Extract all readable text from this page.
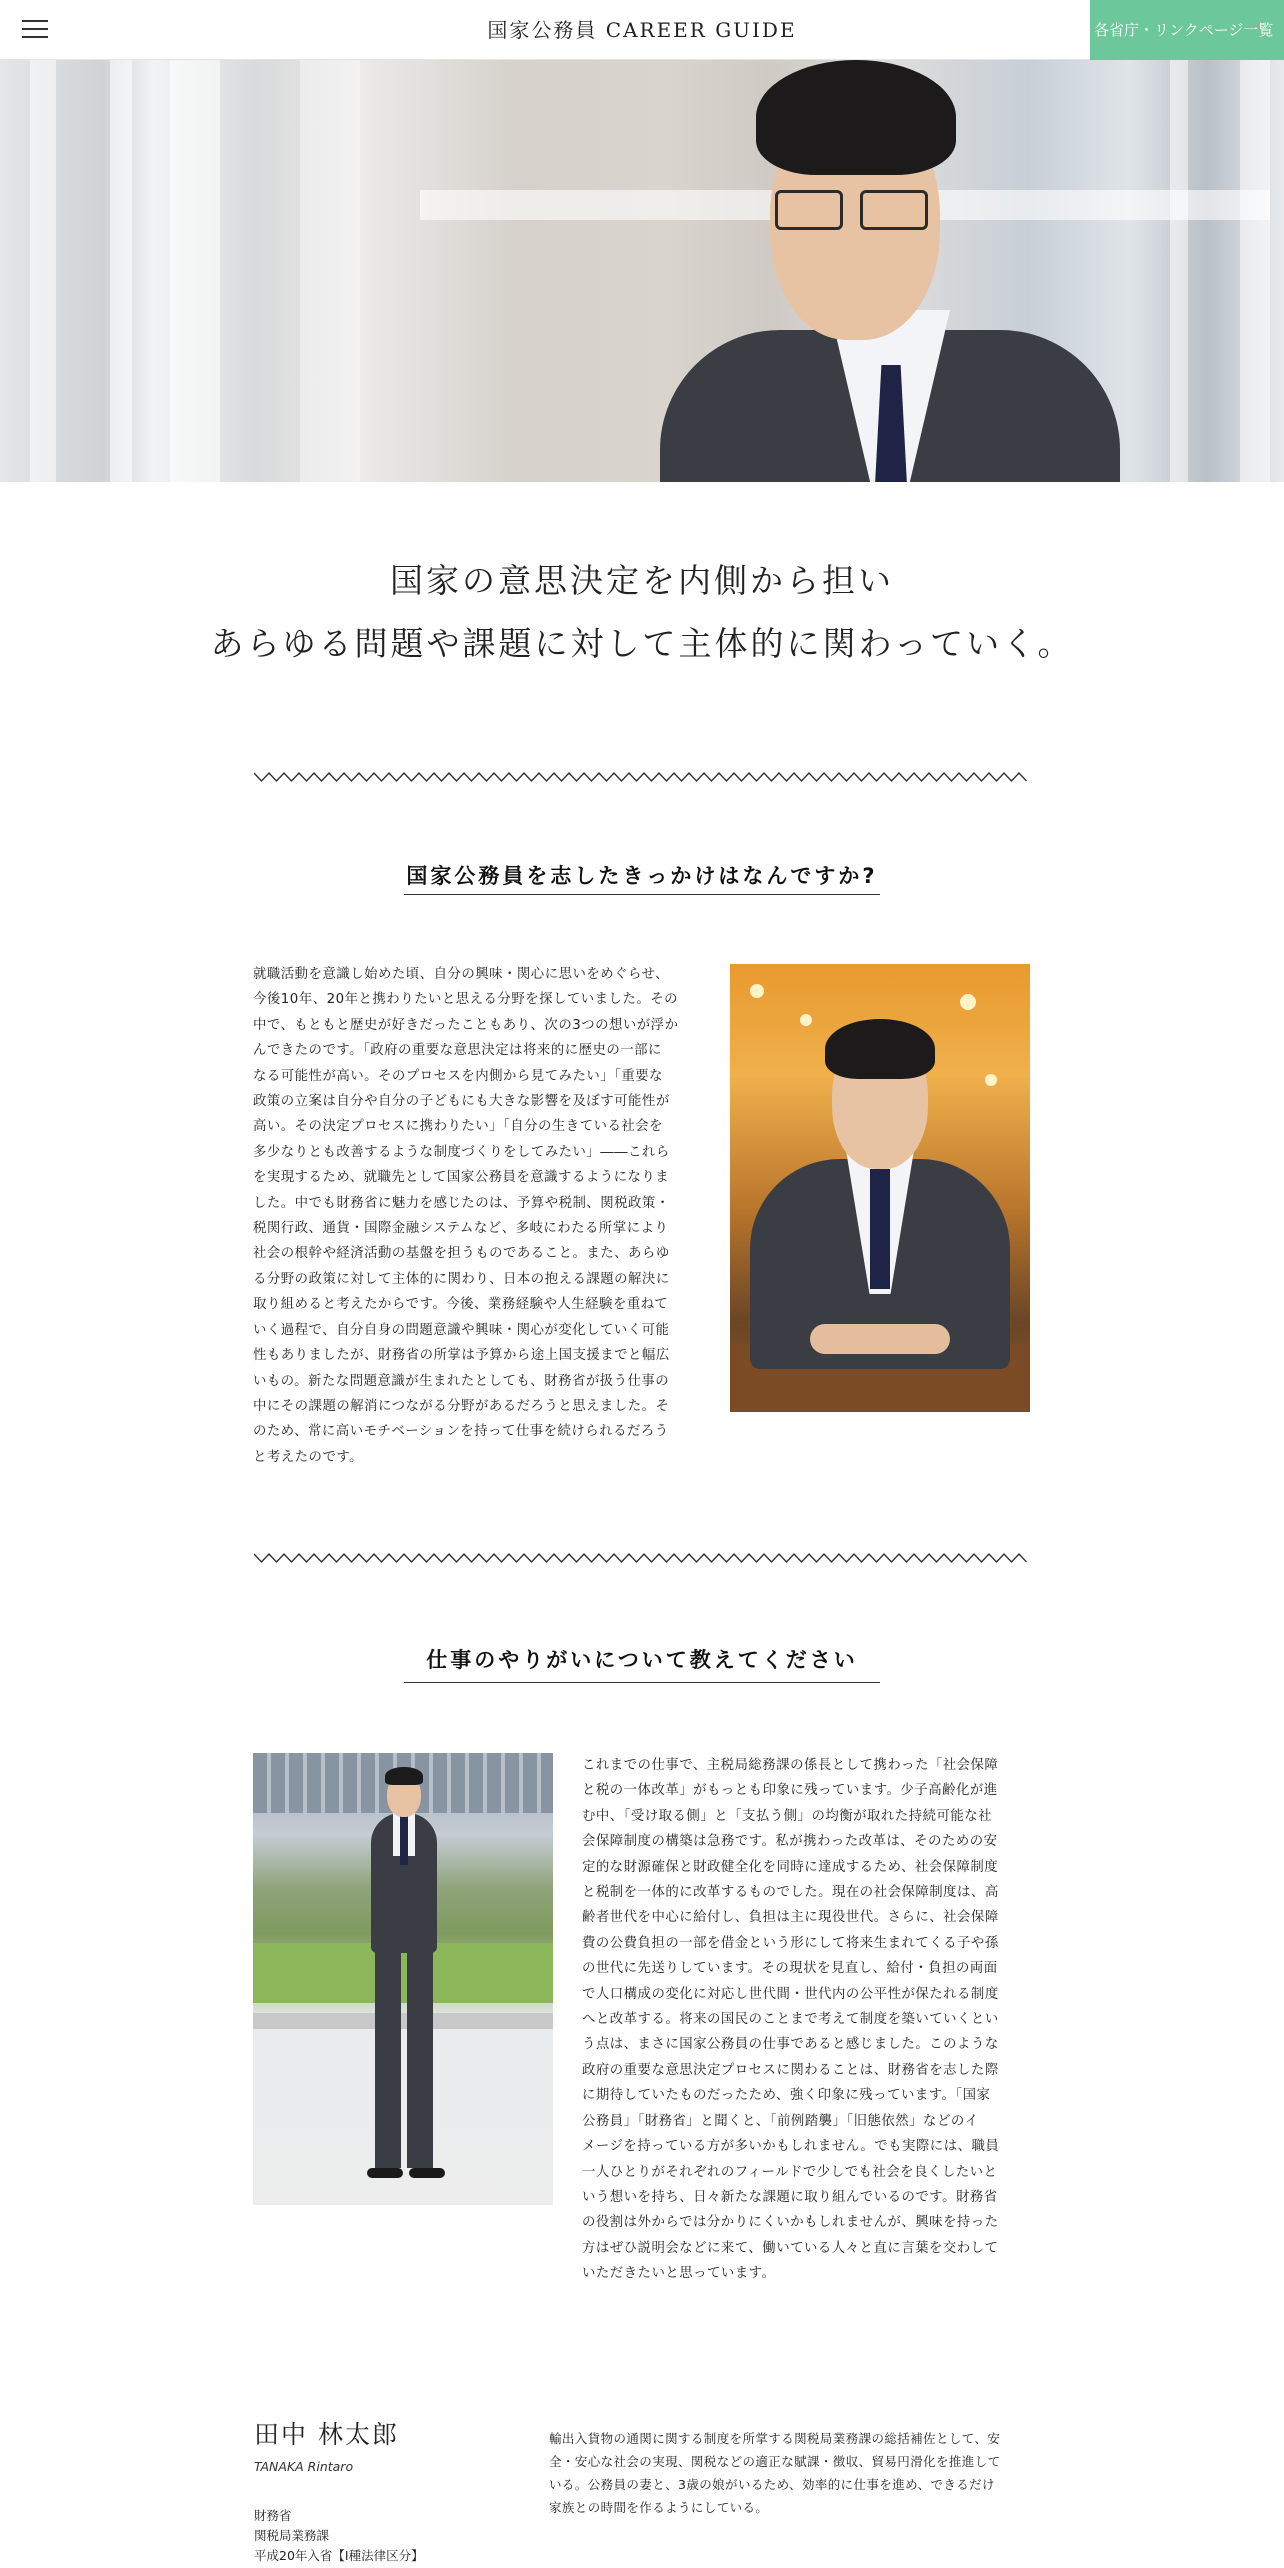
国家公務員 CAREER GUIDE	各省庁・リンクページ一覧
国家の意思決定を内側から担い
あらゆる問題や課題に対して主体的に関わっていく。
国家公務員を志したきっかけはなんですか?
就職活動を意識し始めた頃、自分の興味・関心に思いをめぐらせ、
今後10年、20年と携わりたいと思える分野を探していました。その
中で、もともと歴史が好きだったこともあり、次の3つの想いが浮か
んできたのです。「政府の重要な意思決定は将来的に歴史の一部に
なる可能性が高い。そのプロセスを内側から見てみたい」「重要な
政策の立案は自分や自分の子どもにも大きな影響を及ぼす可能性が
高い。その決定プロセスに携わりたい」「自分の生きている社会を
多少なりとも改善するような制度づくりをしてみたい」――これら
を実現するため、就職先として国家公務員を意識するようになりま
した。中でも財務省に魅力を感じたのは、予算や税制、関税政策・
税関行政、通貨・国際金融システムなど、多岐にわたる所掌により
社会の根幹や経済活動の基盤を担うものであること。また、あらゆ
る分野の政策に対して主体的に関わり、日本の抱える課題の解決に
取り組めると考えたからです。今後、業務経験や人生経験を重ねて
いく過程で、自分自身の問題意識や興味・関心が変化していく可能
性もありましたが、財務省の所掌は予算から途上国支援までと幅広
いもの。新たな問題意識が生まれたとしても、財務省が扱う仕事の
中にその課題の解消につながる分野があるだろうと思えました。そ
のため、常に高いモチベーションを持って仕事を続けられるだろう
と考えたのです。
仕事のやりがいについて教えてください
これまでの仕事で、主税局総務課の係長として携わった「社会保障
と税の一体改革」がもっとも印象に残っています。少子高齢化が進
む中、「受け取る側」と「支払う側」の均衡が取れた持続可能な社
会保障制度の構築は急務です。私が携わった改革は、そのための安
定的な財源確保と財政健全化を同時に達成するため、社会保障制度
と税制を一体的に改革するものでした。現在の社会保障制度は、高
齢者世代を中心に給付し、負担は主に現役世代。さらに、社会保障
費の公費負担の一部を借金という形にして将来生まれてくる子や孫
の世代に先送りしています。その現状を見直し、給付・負担の両面
で人口構成の変化に対応し世代間・世代内の公平性が保たれる制度
へと改革する。将来の国民のことまで考えて制度を築いていくとい
う点は、まさに国家公務員の仕事であると感じました。このような
政府の重要な意思決定プロセスに関わることは、財務省を志した際
に期待していたものだったため、強く印象に残っています。「国家
公務員」「財務省」と聞くと、「前例踏襲」「旧態依然」などのイ
メージを持っている方が多いかもしれません。でも実際には、職員
一人ひとりがそれぞれのフィールドで少しでも社会を良くしたいと
いう想いを持ち、日々新たな課題に取り組んでいるのです。財務省
の役割は外からでは分かりにくいかもしれませんが、興味を持った
方はぜひ説明会などに来て、働いている人々と直に言葉を交わして
いただきたいと思っています。
田中 林太郎
TANAKA Rintaro
財務省
関税局業務課
平成20年入省【Ⅰ種法律区分】
輸出入貨物の通関に関する制度を所掌する関税局業務課の総括補佐として、安
全・安心な社会の実現、関税などの適正な賦課・徴収、貿易円滑化を推進して
いる。公務員の妻と、3歳の娘がいるため、効率的に仕事を進め、できるだけ
家族との時間を作るようにしている。
